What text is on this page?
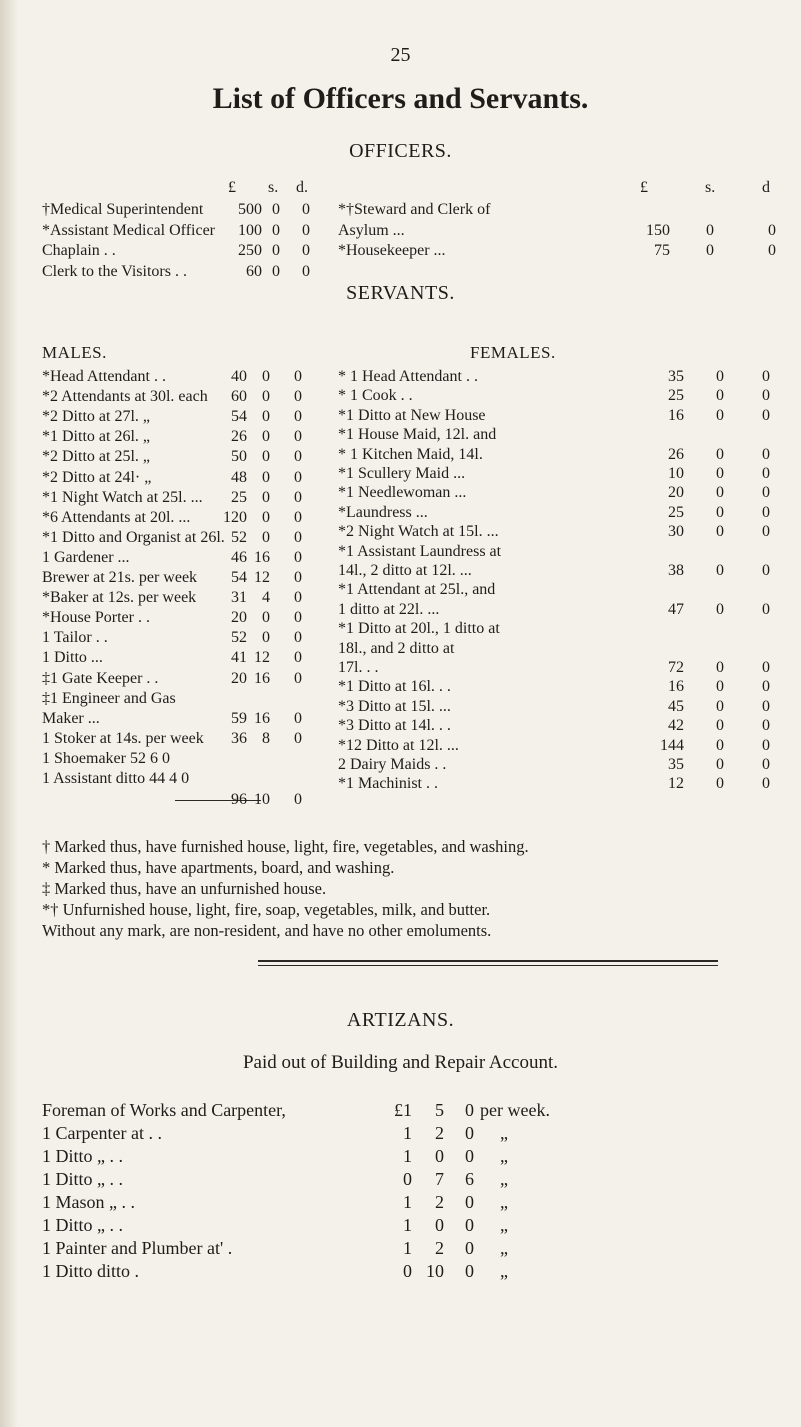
25
List of Officers and Servants.
OFFICERS.
£ s. d.	£	s.	d
†Medical Superintendent	500 0	0
*Assistant Medical Officer	100 0	0
Chaplain . .	250 0	0
Clerk to the Visitors . .	60 0	0
*†Steward and Clerk of
Asylum ...	150	0	0
*Housekeeper ...	75	0	0
SERVANTS.
MALES.	FEMALES.
*Head Attendant . .	40 0	0
*2 Attendants at 30l. each	60 0	0
*2 Ditto at 27l. „	54 0	0
*1 Ditto at 26l. „	26 0	0
*2 Ditto at 25l. „	50 0	0
*2 Ditto at 24l· „	48 0	0
*1 Night Watch at 25l. ...	25 0	0
*6 Attendants at 20l. ...	120 0	0
*1 Ditto and Organist at 26l. 52 0	0
1 Gardener ...	46 16	0
Brewer at 21s. per week	54 12	0
*Baker at 12s. per week	31 4	0
*House Porter . .	20 0	0
1 Tailor . .	52 0	0
1 Ditto ...	41 12	0
‡1 Gate Keeper . .	20 16	0
‡1 Engineer and Gas
Maker ...	59 16	0
1 Stoker at 14s. per week	36 8	0
1 Shoemaker 52 6 0
1 Assistant ditto 44 4 0
* 1 Head Attendant . .	35	0	0
* 1 Cook . .	25	0	0
*1 Ditto at New House	16	0	0
*1 House Maid, 12l. and
* 1 Kitchen Maid, 14l.	26	0	0
*1 Scullery Maid ...	10	0	0
*1 Needlewoman ...	20	0	0
*Laundress ...	25	0	0
*2 Night Watch at 15l. ...	30	0	0
*1 Assistant Laundress at
14l., 2 ditto at 12l. ...	38	0	0
*1 Attendant at 25l., and
1 ditto at 22l. ...	47	0	0
*1 Ditto at 20l., 1 ditto at
18l., and 2 ditto at
17l. . .	72	0	0
*1 Ditto at 16l. . .	16	0	0
*3 Ditto at 15l. ...	45	0	0
*3 Ditto at 14l. . .	42	0	0
*12 Ditto at 12l. ...	144	0	0
2 Dairy Maids . .	35	0	0
*1 Machinist . .	12	0	0
96 10	0
† Marked thus, have furnished house, light, fire, vegetables, and washing.
* Marked thus, have apartments, board, and washing.
‡ Marked thus, have an unfurnished house.
*† Unfurnished house, light, fire, soap, vegetables, milk, and butter.
Without any mark, are non-resident, and have no other emoluments.
ARTIZANS.
Paid out of Building and Repair Account.
Foreman of Works and Carpenter,	£1	5	0 per week.
1 Carpenter at . .	1	2	0 „
1 Ditto „ . .	1	0	0 „
1 Ditto „ . .	0	7	6 „
1 Mason „ . .	1	2	0 „
1 Ditto „ . .	1	0	0 „
1 Painter and Plumber at' .	1	2	0 „
1 Ditto ditto .	0 10	0 „
